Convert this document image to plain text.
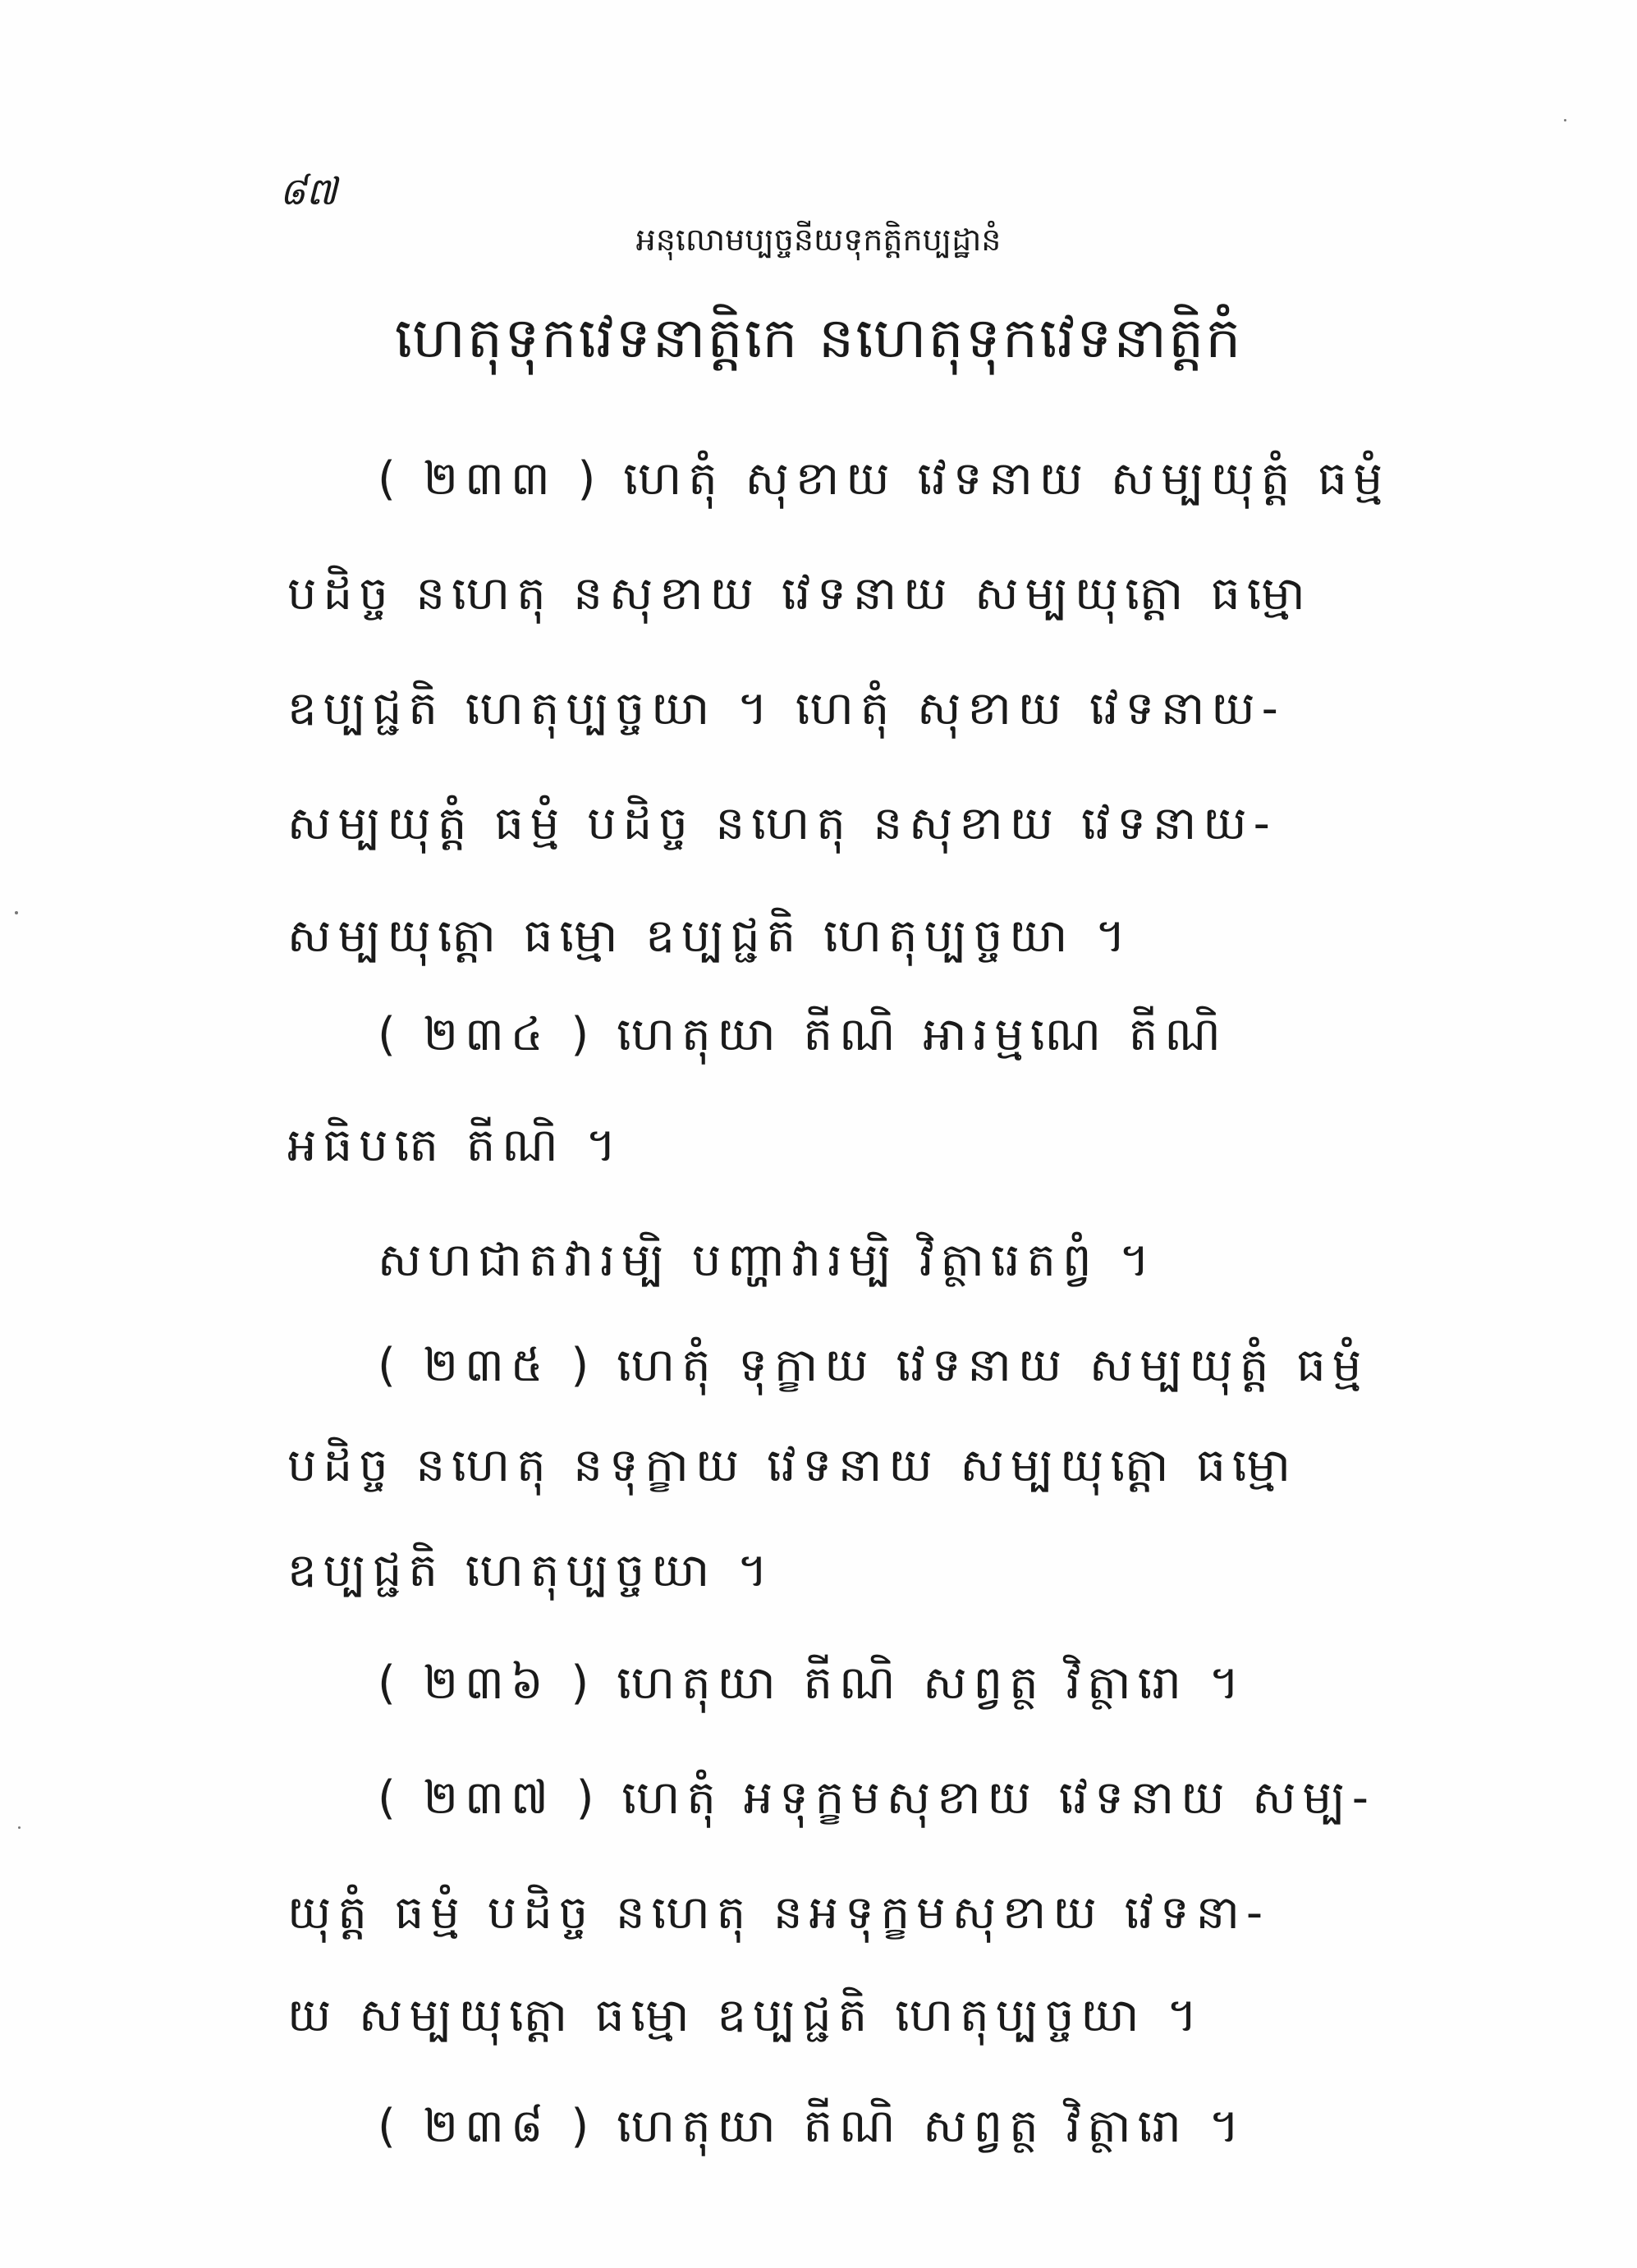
៨៧
អនុលោមប្បច្ចនីយទុកត្តិកប្បដ្ឋានំ
ហេតុទុកវេទនាត្តិកេ នហេតុទុកវេទនាត្តិកំ
( ២៣៣ ) ហេតុំ សុខាយ វេទនាយ សម្បយុត្តំ ធម្មំ
បដិច្ច នហេតុ នសុខាយ វេទនាយ សម្បយុត្តោ ធម្មោ
ឧប្បជ្ជតិ ហេតុប្បច្ចយា ។ ហេតុំ សុខាយ វេទនាយ-
សម្បយុត្តំ ធម្មំ បដិច្ច នហេតុ នសុខាយ វេទនាយ-
សម្បយុត្តោ ធម្មោ ឧប្បជ្ជតិ ហេតុប្បច្ចយា ។
( ២៣៤ ) ហេតុយា តីណិ អារម្មណេ តីណិ
អធិបតេ តីណិ ។
សហជាតវារម្បិ បញ្ហាវារម្បិ វិត្ថារេតព្វំ ។
( ២៣៥ ) ហេតុំ ទុក្ខាយ វេទនាយ សម្បយុត្តំ ធម្មំ
បដិច្ច នហេតុ នទុក្ខាយ វេទនាយ សម្បយុត្តោ ធម្មោ
ឧប្បជ្ជតិ ហេតុប្បច្ចយា ។
( ២៣៦ ) ហេតុយា តីណិ សព្វត្ថ វិត្ថារោ ។
( ២៣៧ ) ហេតុំ អទុក្ខមសុខាយ វេទនាយ សម្ប-
យុត្តំ ធម្មំ បដិច្ច នហេតុ នអទុក្ខមសុខាយ វេទនា-
យ សម្បយុត្តោ ធម្មោ ឧប្បជ្ជតិ ហេតុប្បច្ចយា ។
( ២៣៨ ) ហេតុយា តីណិ សព្វត្ថ វិត្ថារោ ។
